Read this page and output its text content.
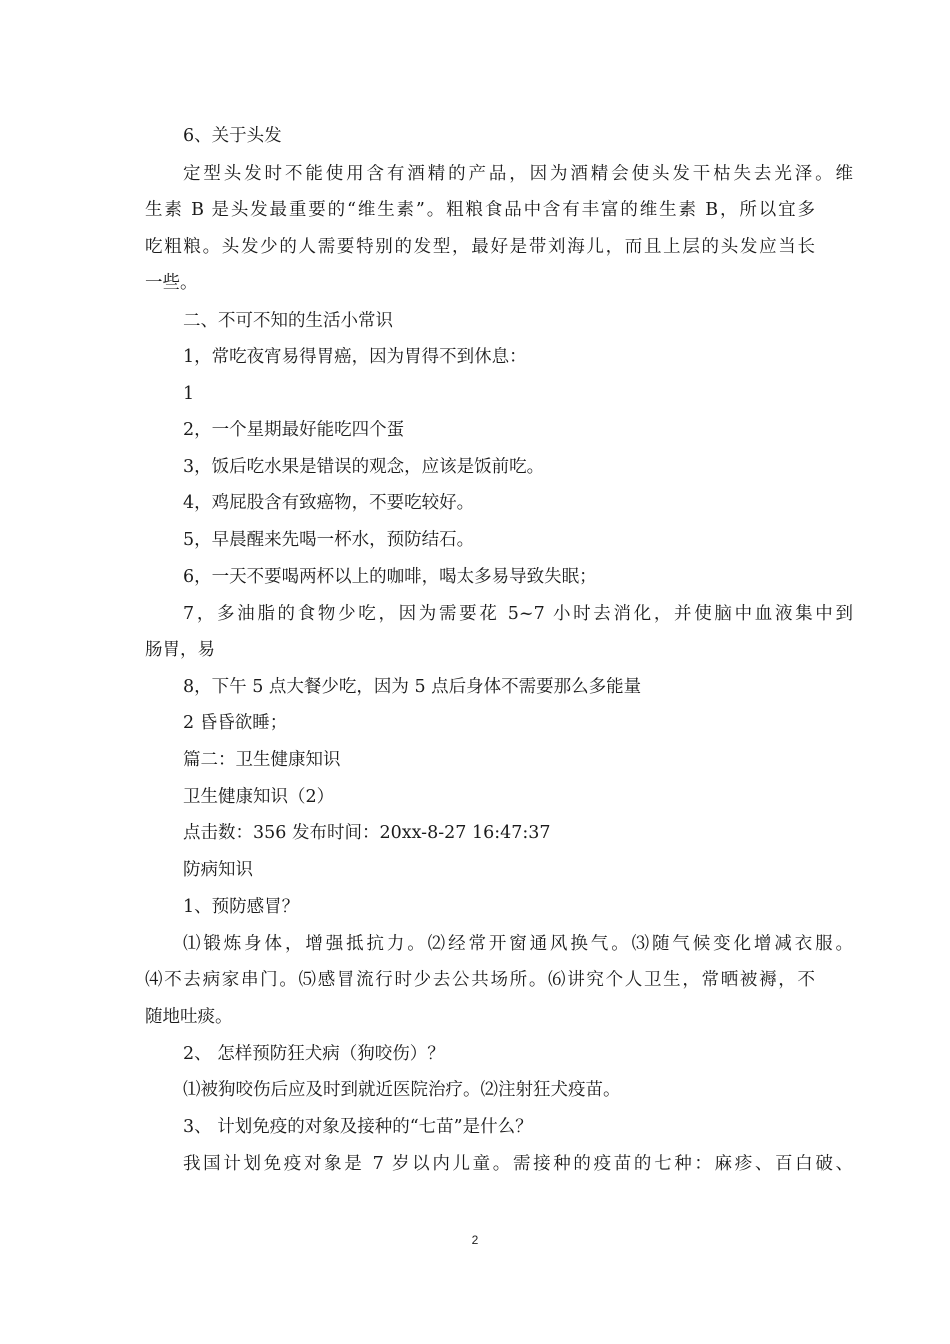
6、关于头发
定型头发时不能使用含有酒精的产品，因为酒精会使头发干枯失去光泽。维
生素 B 是头发最重要的“维生素”。粗粮食品中含有丰富的维生素 B，所以宜多
吃粗粮。头发少的人需要特别的发型，最好是带刘海儿，而且上层的头发应当长
一些。
二、不可不知的生活小常识
1，常吃夜宵易得胃癌，因为胃得不到休息：
1
2，一个星期最好能吃四个蛋
3，饭后吃水果是错误的观念，应该是饭前吃。
4，鸡屁股含有致癌物，不要吃较好。
5，早晨醒来先喝一杯水，预防结石。
6，一天不要喝两杯以上的咖啡，喝太多易导致失眠；
7，多油脂的食物少吃，因为需要花 5~7 小时去消化，并使脑中血液集中到
肠胃，易
8，下午 5 点大餐少吃，因为 5 点后身体不需要那么多能量
2 昏昏欲睡；
篇二：卫生健康知识
卫生健康知识（2）
点击数：356 发布时间：20xx-8-27 16:47:37
防病知识
1、预防感冒？
⑴锻炼身体，增强抵抗力。⑵经常开窗通风换气。⑶随气候变化增减衣服。
⑷不去病家串门。⑸感冒流行时少去公共场所。⑹讲究个人卫生，常晒被褥，不
随地吐痰。
2、 怎样预防狂犬病（狗咬伤）？
⑴被狗咬伤后应及时到就近医院治疗。⑵注射狂犬疫苗。
3、 计划免疫的对象及接种的“七苗”是什么？
我国计划免疫对象是 7 岁以内儿童。需接种的疫苗的七种：麻疹、百白破、
2
